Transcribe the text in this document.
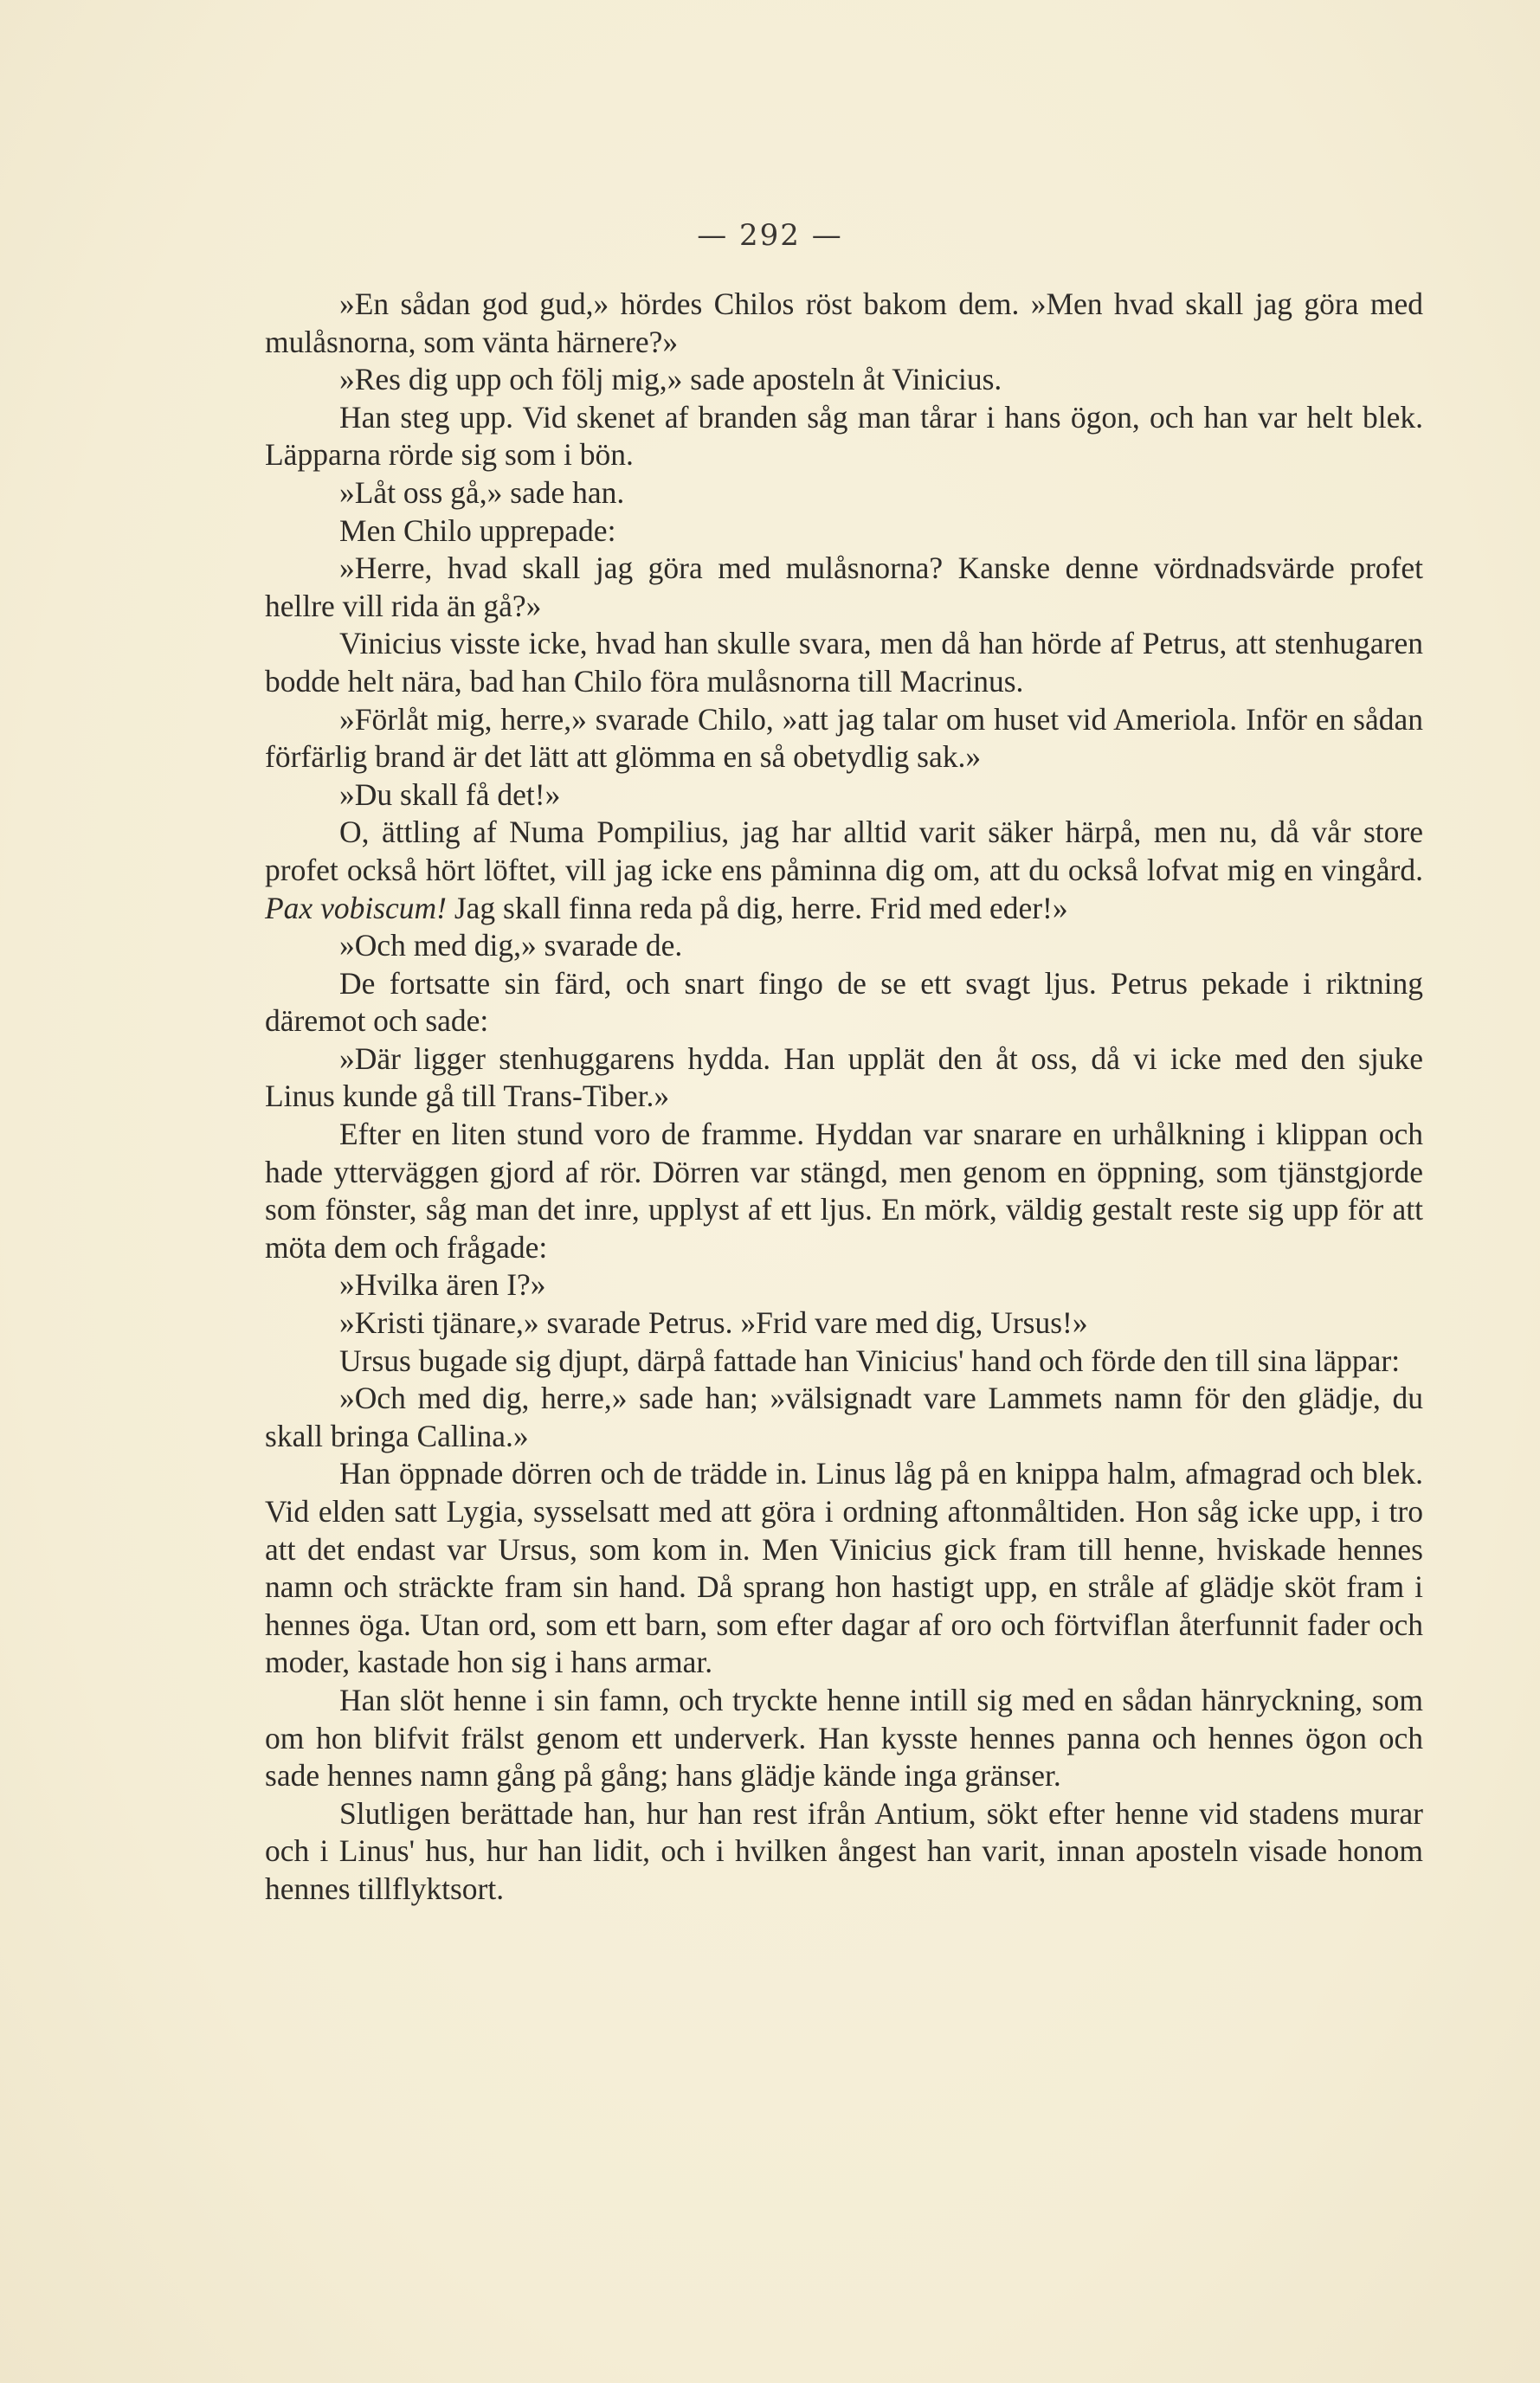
— 292 —

»En sådan god gud,» hördes Chilos röst bakom dem. »Men hvad skall jag göra med mulåsnorna, som vänta härnere?»

»Res dig upp och följ mig,» sade aposteln åt Vinicius.

Han steg upp. Vid skenet af branden såg man tårar i hans ögon, och han var helt blek. Läpparna rörde sig som i bön.

»Låt oss gå,» sade han.

Men Chilo upprepade:

»Herre, hvad skall jag göra med mulåsnorna? Kanske denne vördnadsvärde profet hellre vill rida än gå?»

Vinicius visste icke, hvad han skulle svara, men då han hörde af Petrus, att stenhugaren bodde helt nära, bad han Chilo föra mulåsnorna till Macrinus.

»Förlåt mig, herre,» svarade Chilo, »att jag talar om huset vid Ameriola. Inför en sådan förfärlig brand är det lätt att glömma en så obetydlig sak.»

»Du skall få det!»

O, ättling af Numa Pompilius, jag har alltid varit säker härpå, men nu, då vår store profet också hört löftet, vill jag icke ens påminna dig om, att du också lofvat mig en vingård. Pax vobiscum! Jag skall finna reda på dig, herre. Frid med eder!»

»Och med dig,» svarade de.

De fortsatte sin färd, och snart fingo de se ett svagt ljus. Petrus pekade i riktning däremot och sade:

»Där ligger stenhuggarens hydda. Han upplät den åt oss, då vi icke med den sjuke Linus kunde gå till Trans-Tiber.»

Efter en liten stund voro de framme. Hyddan var snarare en urhålkning i klippan och hade ytterväggen gjord af rör. Dörren var stängd, men genom en öppning, som tjänstgjorde som fönster, såg man det inre, upplyst af ett ljus. En mörk, väldig gestalt reste sig upp för att möta dem och frågade:

»Hvilka ären I?»

»Kristi tjänare,» svarade Petrus. »Frid vare med dig, Ursus!»

Ursus bugade sig djupt, därpå fattade han Vinicius' hand och förde den till sina läppar:

»Och med dig, herre,» sade han; »välsignadt vare Lammets namn för den glädje, du skall bringa Callina.»

Han öppnade dörren och de trädde in. Linus låg på en knippa halm, afmagrad och blek. Vid elden satt Lygia, sysselsatt med att göra i ordning aftonmåltiden. Hon såg icke upp, i tro att det endast var Ursus, som kom in. Men Vinicius gick fram till henne, hviskade hennes namn och sträckte fram sin hand. Då sprang hon hastigt upp, en stråle af glädje sköt fram i hennes öga. Utan ord, som ett barn, som efter dagar af oro och förtviflan återfunnit fader och moder, kastade hon sig i hans armar.

Han slöt henne i sin famn, och tryckte henne intill sig med en sådan hänryckning, som om hon blifvit frälst genom ett underverk. Han kysste hennes panna och hennes ögon och sade hennes namn gång på gång; hans glädje kände inga gränser.

Slutligen berättade han, hur han rest ifrån Antium, sökt efter henne vid stadens murar och i Linus' hus, hur han lidit, och i hvilken ångest han varit, innan aposteln visade honom hennes tillflyktsort.
